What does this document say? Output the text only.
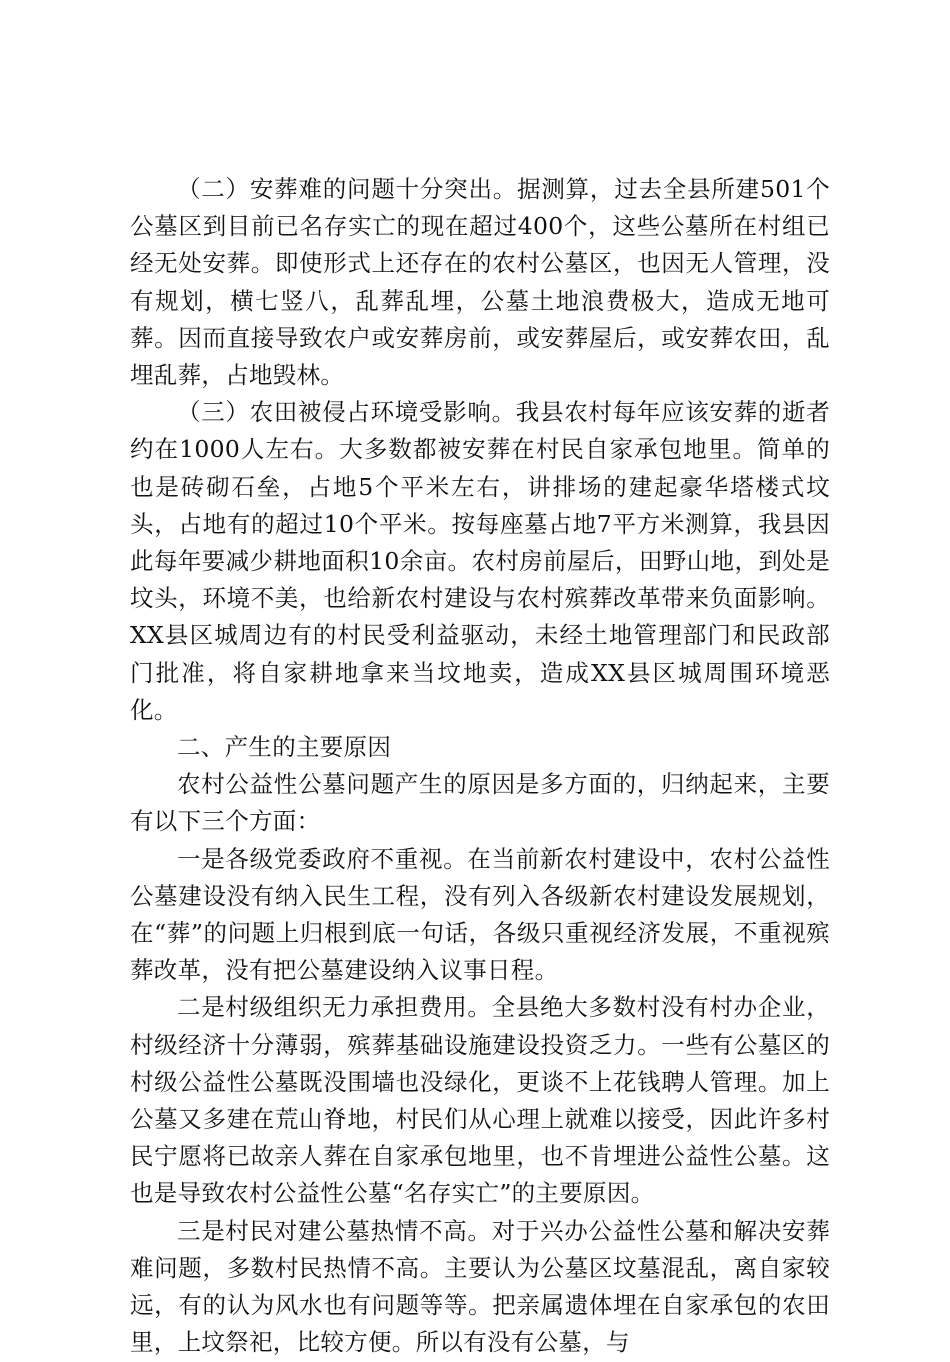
（二）安葬难的问题十分突出。据测算，过去全县所建501个公墓区到目前已名存实亡的现在超过400个，这些公墓所在村组已经无处安葬。即使形式上还存在的农村公墓区，也因无人管理，没有规划，横七竖八，乱葬乱埋，公墓土地浪费极大，造成无地可葬。因而直接导致农户或安葬房前，或安葬屋后，或安葬农田，乱埋乱葬，占地毁林。

（三）农田被侵占环境受影响。我县农村每年应该安葬的逝者约在1000人左右。大多数都被安葬在村民自家承包地里。简单的也是砖砌石垒，占地5个平米左右，讲排场的建起豪华塔楼式坟头，占地有的超过10个平米。按每座墓占地7平方米测算，我县因此每年要减少耕地面积10余亩。农村房前屋后，田野山地，到处是坟头，环境不美，也给新农村建设与农村殡葬改革带来负面影响。XX县区城周边有的村民受利益驱动，未经土地管理部门和民政部门批准，将自家耕地拿来当坟地卖，造成XX县区城周围环境恶化。

二、产生的主要原因

农村公益性公墓问题产生的原因是多方面的，归纳起来，主要有以下三个方面：

一是各级党委政府不重视。在当前新农村建设中，农村公益性公墓建设没有纳入民生工程，没有列入各级新农村建设发展规划，在“葬”的问题上归根到底一句话，各级只重视经济发展，不重视殡葬改革，没有把公墓建设纳入议事日程。

二是村级组织无力承担费用。全县绝大多数村没有村办企业，村级经济十分薄弱，殡葬基础设施建设投资乏力。一些有公墓区的村级公益性公墓既没围墙也没绿化，更谈不上花钱聘人管理。加上公墓又多建在荒山脊地，村民们从心理上就难以接受，因此许多村民宁愿将已故亲人葬在自家承包地里，也不肯埋进公益性公墓。这也是导致农村公益性公墓“名存实亡”的主要原因。

三是村民对建公墓热情不高。对于兴办公益性公墓和解决安葬难问题，多数村民热情不高。主要认为公墓区坟墓混乱，离自家较远，有的认为风水也有问题等等。把亲属遗体埋在自家承包的农田里，上坟祭祀，比较方便。所以有没有公墓，与
